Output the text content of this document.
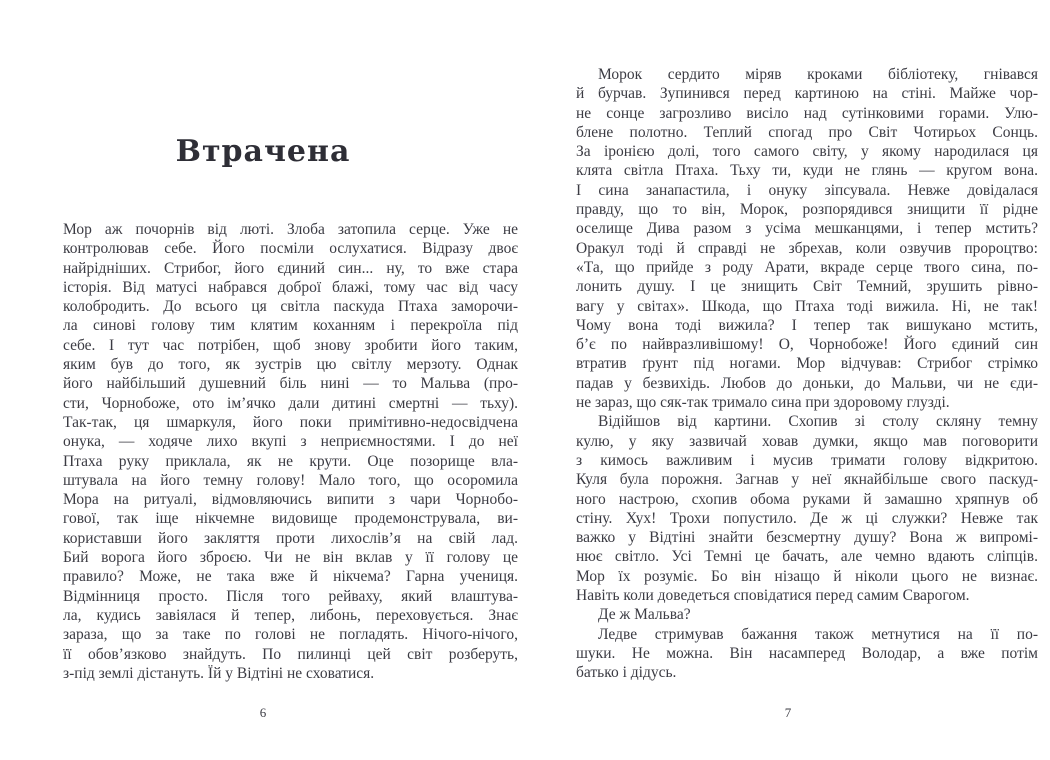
Втрачена
Мор аж почорнів від люті. Злоба затопила серце. Уже не
контролював себе. Його посміли ослухатися. Відразу двоє
найрідніших. Стрибог, його єдиний син... ну, то вже стара
історія. Від матусі набрався доброї блажі, тому час від часу
колобродить. До всього ця світла паскуда Птаха заморочи-
ла синові голову тим клятим коханням і перекроїла під
себе. І тут час потрібен, щоб знову зробити його таким,
яким був до того, як зустрів цю світлу мерзоту. Однак
його найбільший душевний біль нині — то Мальва (про-
сти, Чорнобоже, ото ім’ячко дали дитині смертні — тьху).
Так-так, ця шмаркуля, його поки примітивно-недосвідчена
онука, — ходяче лихо вкупі з неприємностями. І до неї
Птаха руку приклала, як не крути. Оце позорище вла-
штувала на його темну голову! Мало того, що осоромила
Мора на ритуалі, відмовляючись випити з чари Чорнобо-
гової, так іще нікчемне видовище продемонструвала, ви-
користавши його закляття проти лихослів’я на свій лад.
Бий ворога його зброєю. Чи не він вклав у її голову це
правило? Може, не така вже й нікчема? Гарна учениця.
Відмінниця просто. Після того рейваху, який влаштува-
ла, кудись завіялася й тепер, либонь, переховується. Знає
зараза, що за таке по голові не погладять. Нічого-нічого,
її обов’язково знайдуть. По пилинці цей світ розберуть,
з-під землі дістануть. Їй у Відтіні не сховатися.
6
Морок сердито міряв кроками бібліотеку, гнівався
й бурчав. Зупинився перед картиною на стіні. Майже чор-
не сонце загрозливо висіло над сутінковими горами. Улю-
блене полотно. Теплий спогад про Світ Чотирьох Сонць.
За іронією долі, того самого світу, у якому народилася ця
клята світла Птаха. Тьху ти, куди не глянь — кругом вона.
І сина занапастила, і онуку зіпсувала. Невже довідалася
правду, що то він, Морок, розпорядився знищити її рідне
оселище Дива разом з усіма мешканцями, і тепер мстить?
Оракул тоді й справді не збрехав, коли озвучив пророцтво:
«Та, що прийде з роду Арати, вкраде серце твого сина, по-
лонить душу. І це знищить Світ Темний, зрушить рівно-
вагу у світах». Шкода, що Птаха тоді вижила. Ні, не так!
Чому вона тоді вижила? І тепер так вишукано мстить,
б’є по найвразливішому! О, Чорнобоже! Його єдиний син
втратив ґрунт під ногами. Мор відчував: Стрибог стрімко
падав у безвихідь. Любов до доньки, до Мальви, чи не єди-
не зараз, що сяк-так тримало сина при здоровому глузді.
Відійшов від картини. Схопив зі столу скляну темну
кулю, у яку зазвичай ховав думки, якщо мав поговорити
з кимось важливим і мусив тримати голову відкритою.
Куля була порожня. Загнав у неї якнайбільше свого паскуд-
ного настрою, схопив обома руками й замашно хряпнув об
стіну. Хух! Трохи попустило. Де ж ці служки? Невже так
важко у Відтіні знайти безсмертну душу? Вона ж випромі-
нює світло. Усі Темні це бачать, але чемно вдають сліпців.
Мор їх розуміє. Бо він нізащо й ніколи цього не визнає.
Навіть коли доведеться сповідатися перед самим Сварогом.
Де ж Мальва?
Ледве стримував бажання також метнутися на її по-
шуки. Не можна. Він насамперед Володар, а вже потім
батько і дідусь.
7
